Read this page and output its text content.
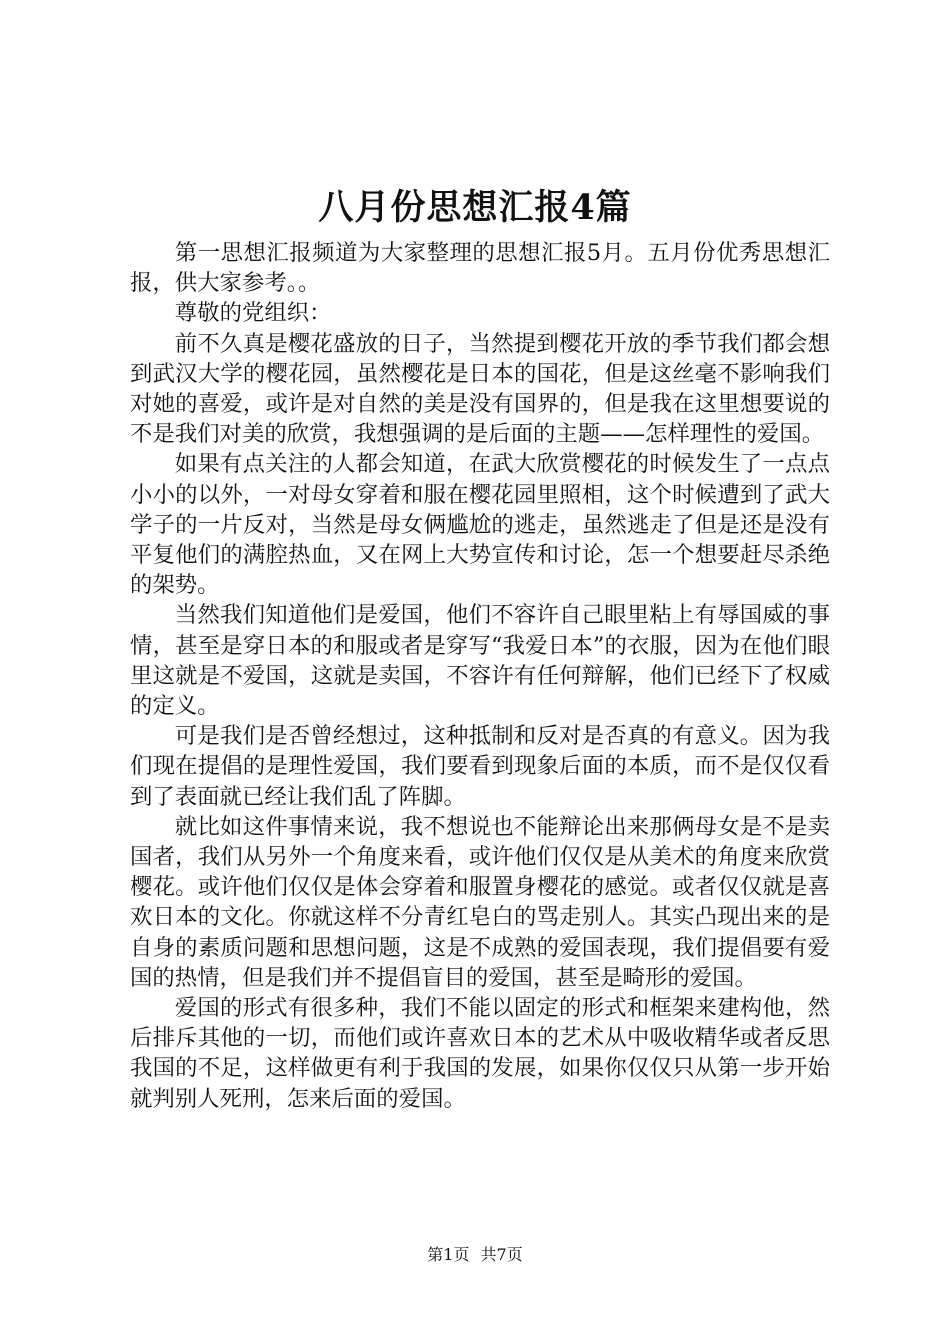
八月份思想汇报4篇

第一思想汇报频道为大家整理的思想汇报5月。五月份优秀思想汇报，供大家参考。。

尊敬的党组织：

前不久真是樱花盛放的日子，当然提到樱花开放的季节我们都会想到武汉大学的樱花园，虽然樱花是日本的国花，但是这丝毫不影响我们对她的喜爱，或许是对自然的美是没有国界的，但是我在这里想要说的不是我们对美的欣赏，我想强调的是后面的主题——怎样理性的爱国。

如果有点关注的人都会知道，在武大欣赏樱花的时候发生了一点点小小的以外，一对母女穿着和服在樱花园里照相，这个时候遭到了武大学子的一片反对，当然是母女俩尴尬的逃走，虽然逃走了但是还是没有平复他们的满腔热血，又在网上大势宣传和讨论，怎一个想要赶尽杀绝的架势。

当然我们知道他们是爱国，他们不容许自己眼里粘上有辱国威的事情，甚至是穿日本的和服或者是穿写“我爱日本”的衣服，因为在他们眼里这就是不爱国，这就是卖国，不容许有任何辩解，他们已经下了权威的定义。

可是我们是否曾经想过，这种抵制和反对是否真的有意义。因为我们现在提倡的是理性爱国，我们要看到现象后面的本质，而不是仅仅看到了表面就已经让我们乱了阵脚。

就比如这件事情来说，我不想说也不能辩论出来那俩母女是不是卖国者，我们从另外一个角度来看，或许他们仅仅是从美术的角度来欣赏樱花。或许他们仅仅是体会穿着和服置身樱花的感觉。或者仅仅就是喜欢日本的文化。你就这样不分青红皂白的骂走别人。其实凸现出来的是自身的素质问题和思想问题，这是不成熟的爱国表现，我们提倡要有爱国的热情，但是我们并不提倡盲目的爱国，甚至是畸形的爱国。

爱国的形式有很多种，我们不能以固定的形式和框架来建构他，然后排斥其他的一切，而他们或许喜欢日本的艺术从中吸收精华或者反思我国的不足，这样做更有利于我国的发展，如果你仅仅只从第一步开始就判别人死刑，怎来后面的爱国。

第1页 共7页
